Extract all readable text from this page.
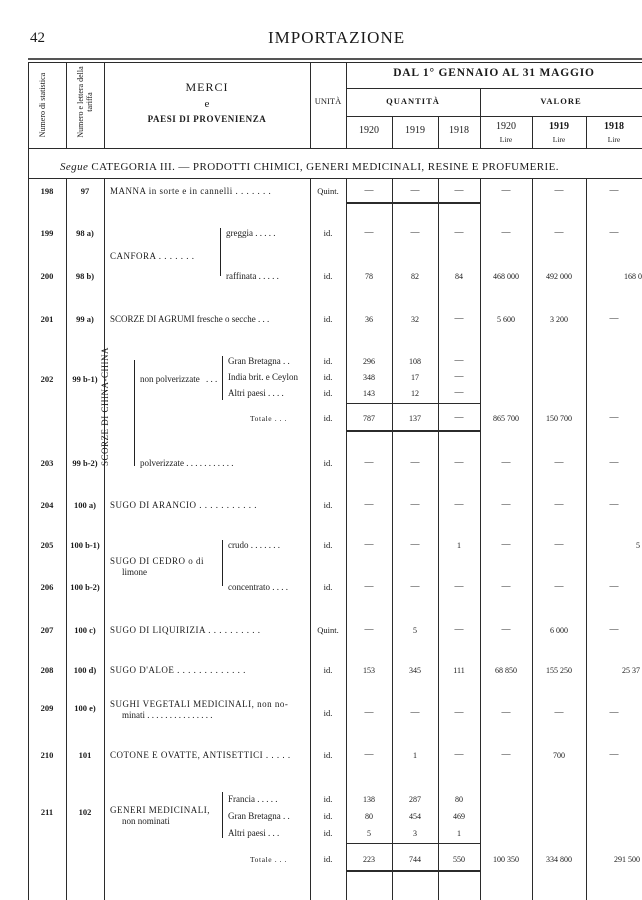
42	IMPORTAZIONE
Numero di statistica	Numero e lettera della tariffa
MERCI
e
PAESI DI PROVENIENZA
UNITÀ
DAL 1° GENNAIO AL 31 MAGGIO
QUANTITÀ	VALORE
1920	1919	1918	1920	1919	1918
Lire	Lire	Lire
Segue CATEGORIA III. — PRODOTTI CHIMICI, GENERI MEDICINALI, RESINE E PROFUMERIE.
198	97	MANNA in sorte e in cannelli . . . . . . .	Quint.	—	—	—	—	—	—
CANFORA . . . . . . .
199	98 a)	greggia . . . . .	id.	—	—	—	—	—	—
200	98 b)	raffinata . . . . .	id.	78	82	84	468 000	492 000	168 0
201	99 a)	SCORZE DI AGRUMI fresche o secche . . .	id.	36	32	—	5 600	3 200	—
SCORZE DI CHINA-CHINA	non polverizzate . . .
202	99 b-1)
Gran Bretagna . .	id.	296	108	—
India brit. e Ceylon	id.	348	17	—
Altri paesi . . . .	id.	143	12	—
Totale . . .	id.	787	137	—	865 700	150 700	—
203	99 b-2)	polverizzate . . . . . . . . . . .	id.	—	—	—	—	—	—
204	100 a)	SUGO DI ARANCIO . . . . . . . . . . .	id.	—	—	—	—	—	—
SUGO DI CEDRO o di
limone
205	100 b-1)	crudo . . . . . . .	id.	—	—	1	—	—	5
206	100 b-2)	concentrato . . . .	id.	—	—	—	—	—	—
207	100 c)	SUGO DI LIQUIRIZIA . . . . . . . . . .	Quint.	—	5	—	—	6 000	—
208	100 d)	SUGO D'ALOE . . . . . . . . . . . . .	id.	153	345	111	68 850	155 250	25 37
209	100 e)	SUGHI VEGETALI MEDICINALI, non no-
minati . . . . . . . . . . . . . . .	id.	—	—	—	—	—	—
210	101	COTONE E OVATTE, ANTISETTICI . . . . .	id.	—	1	—	—	700	—
211	102	GENERI MEDICINALI,
non nominati
Francia . . . . .	id.	138	287	80
Gran Bretagna . .	id.	80	454	469
Altri paesi . . .	id.	5	3	1
Totale . . .	id.	223	744	550	100 350	334 800	291 500
